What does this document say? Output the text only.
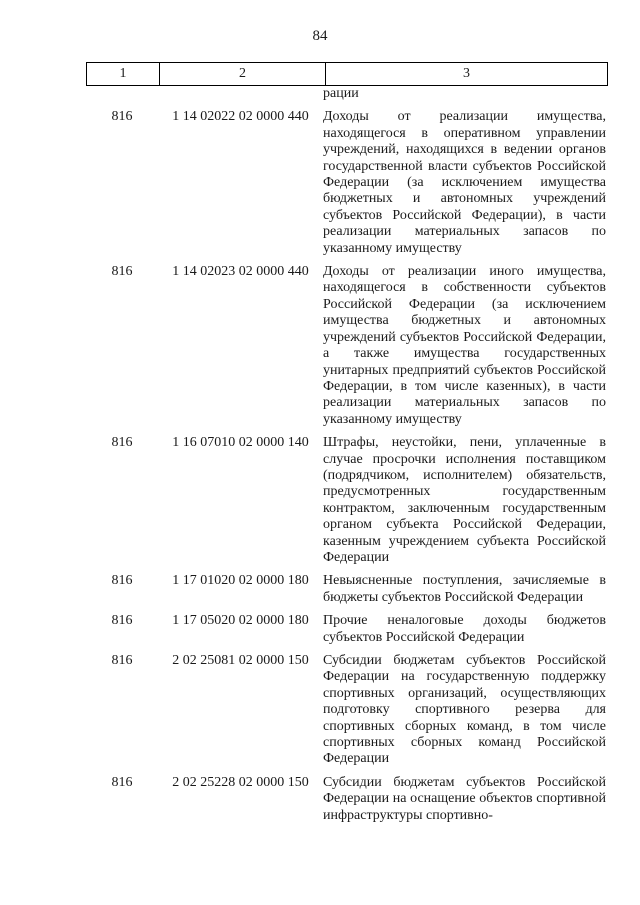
84
1	2	3
рации
816	1 14 02022 02 0000 440	Доходы от реализации имущества, находящегося в оперативном управлении учреждений, находящихся в ведении органов государственной власти субъектов Российской Федерации (за исключением имущества бюджетных и автономных учреждений субъектов Российской Федерации), в части реализации материальных запасов по указанному имуществу
816	1 14 02023 02 0000 440	Доходы от реализации иного имущества, находящегося в собственности субъектов Российской Федерации (за исключением имущества бюджетных и автономных учреждений субъектов Российской Федерации, а также имущества государственных унитарных предприятий субъектов Российской Федерации, в том числе казенных), в части реализации материальных запасов по указанному имуществу
816	1 16 07010 02 0000 140	Штрафы, неустойки, пени, уплаченные в случае просрочки исполнения поставщиком (подрядчиком, исполнителем) обязательств, предусмотренных государственным контрактом, заключенным государственным органом субъекта Российской Федерации, казенным учреждением субъекта Российской Федерации
816	1 17 01020 02 0000 180	Невыясненные поступления, зачисляемые в бюджеты субъектов Российской Федерации
816	1 17 05020 02 0000 180	Прочие неналоговые доходы бюджетов субъектов Российской Федерации
816	2 02 25081 02 0000 150	Субсидии бюджетам субъектов Российской Федерации на государственную поддержку спортивных организаций, осуществляющих подготовку спортивного резерва для спортивных сборных команд, в том числе спортивных сборных команд Российской Федерации
816	2 02 25228 02 0000 150	Субсидии бюджетам субъектов Российской Федерации на оснащение объектов спортивной инфраструктуры спортивно-
